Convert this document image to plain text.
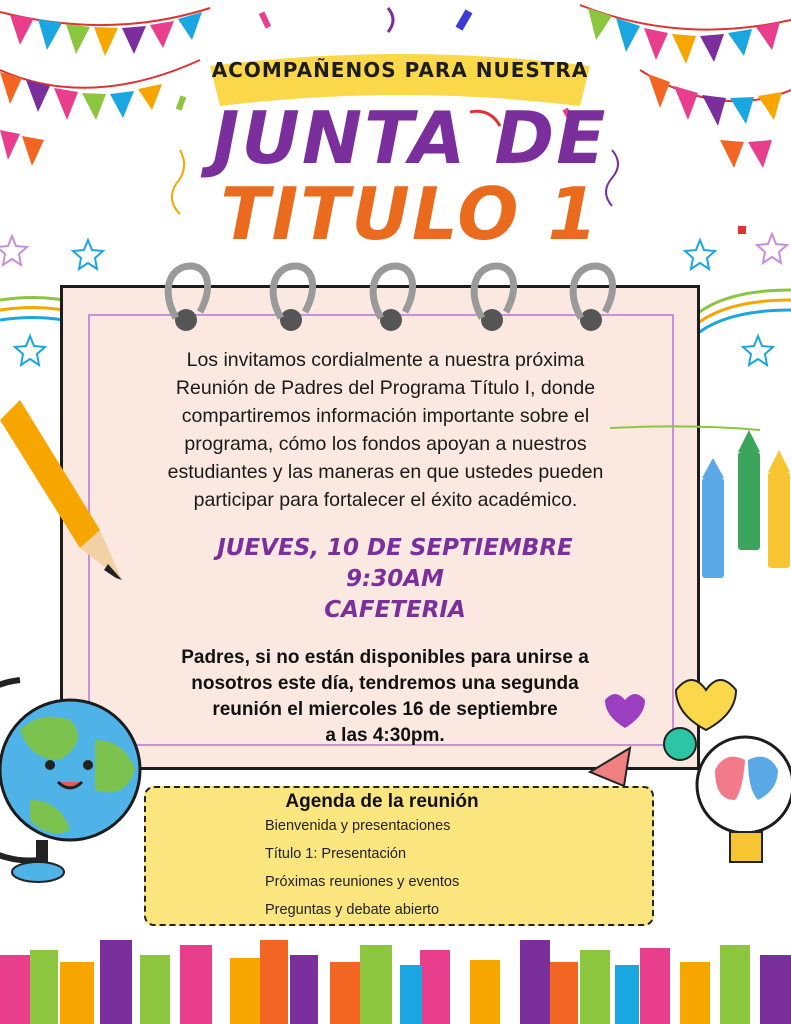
ACOMPAÑENOS PARA NUESTRA
JUNTA DE
TITULO 1
Los invitamos cordialmente a nuestra próxima
Reunión de Padres del Programa Título I, donde
compartiremos información importante sobre el
programa, cómo los fondos apoyan a nuestros
estudiantes y las maneras en que ustedes pueden
participar para fortalecer el éxito académico.
JUEVES, 10 DE SEPTIEMBRE
9:30AM
CAFETERIA
Padres, si no están disponibles para unirse a
nosotros este día, tendremos una segunda
reunión el miercoles 16 de septiembre
a las 4:30pm.
Agenda de la reunión
Bienvenida y presentaciones
Título 1: Presentación
Próximas reuniones y eventos
Preguntas y debate abierto
